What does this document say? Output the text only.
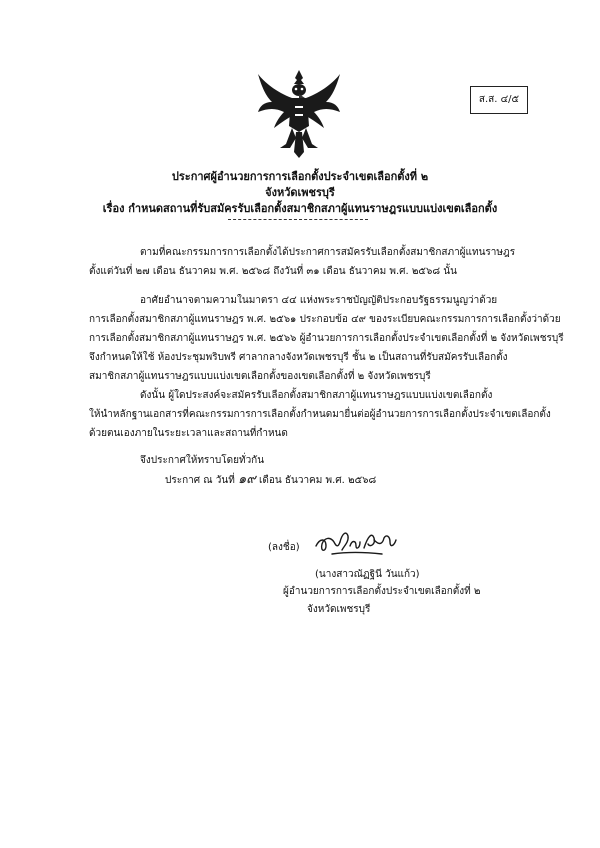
ส.ส. ๔/๕
ประกาศผู้อำนวยการการเลือกตั้งประจำเขตเลือกตั้งที่ ๒
จังหวัดเพชรบุรี
เรื่อง กำหนดสถานที่รับสมัครรับเลือกตั้งสมาชิกสภาผู้แทนราษฎรแบบแบ่งเขตเลือกตั้ง
ตามที่คณะกรรมการการเลือกตั้งได้ประกาศการสมัครรับเลือกตั้งสมาชิกสภาผู้แทนราษฎร
ตั้งแต่วันที่ ๒๗ เดือน ธันวาคม พ.ศ. ๒๕๖๘ ถึงวันที่ ๓๑ เดือน ธันวาคม พ.ศ. ๒๕๖๘ นั้น
อาศัยอำนาจตามความในมาตรา ๔๔ แห่งพระราชบัญญัติประกอบรัฐธรรมนูญว่าด้วย
การเลือกตั้งสมาชิกสภาผู้แทนราษฎร พ.ศ. ๒๕๖๑ ประกอบข้อ ๔๙ ของระเบียบคณะกรรมการการเลือกตั้งว่าด้วย
การเลือกตั้งสมาชิกสภาผู้แทนราษฎร พ.ศ. ๒๕๖๖ ผู้อำนวยการการเลือกตั้งประจำเขตเลือกตั้งที่ ๒ จังหวัดเพชรบุรี
จึงกำหนดให้ใช้ ห้องประชุมพริบพรี ศาลากลางจังหวัดเพชรบุรี ชั้น ๒ เป็นสถานที่รับสมัครรับเลือกตั้ง
สมาชิกสภาผู้แทนราษฎรแบบแบ่งเขตเลือกตั้งของเขตเลือกตั้งที่ ๒ จังหวัดเพชรบุรี
ดังนั้น ผู้ใดประสงค์จะสมัครรับเลือกตั้งสมาชิกสภาผู้แทนราษฎรแบบแบ่งเขตเลือกตั้ง
ให้นำหลักฐานเอกสารที่คณะกรรมการการเลือกตั้งกำหนดมายื่นต่อผู้อำนวยการการเลือกตั้งประจำเขตเลือกตั้ง
ด้วยตนเองภายในระยะเวลาและสถานที่กำหนด
จึงประกาศให้ทราบโดยทั่วกัน
ประกาศ ณ วันที่ ๑๙ เดือน ธันวาคม พ.ศ. ๒๕๖๘
(ลงชื่อ)
(นางสาวณัฏฐินี วันแก้ว)
ผู้อำนวยการการเลือกตั้งประจำเขตเลือกตั้งที่ ๒
จังหวัดเพชรบุรี
